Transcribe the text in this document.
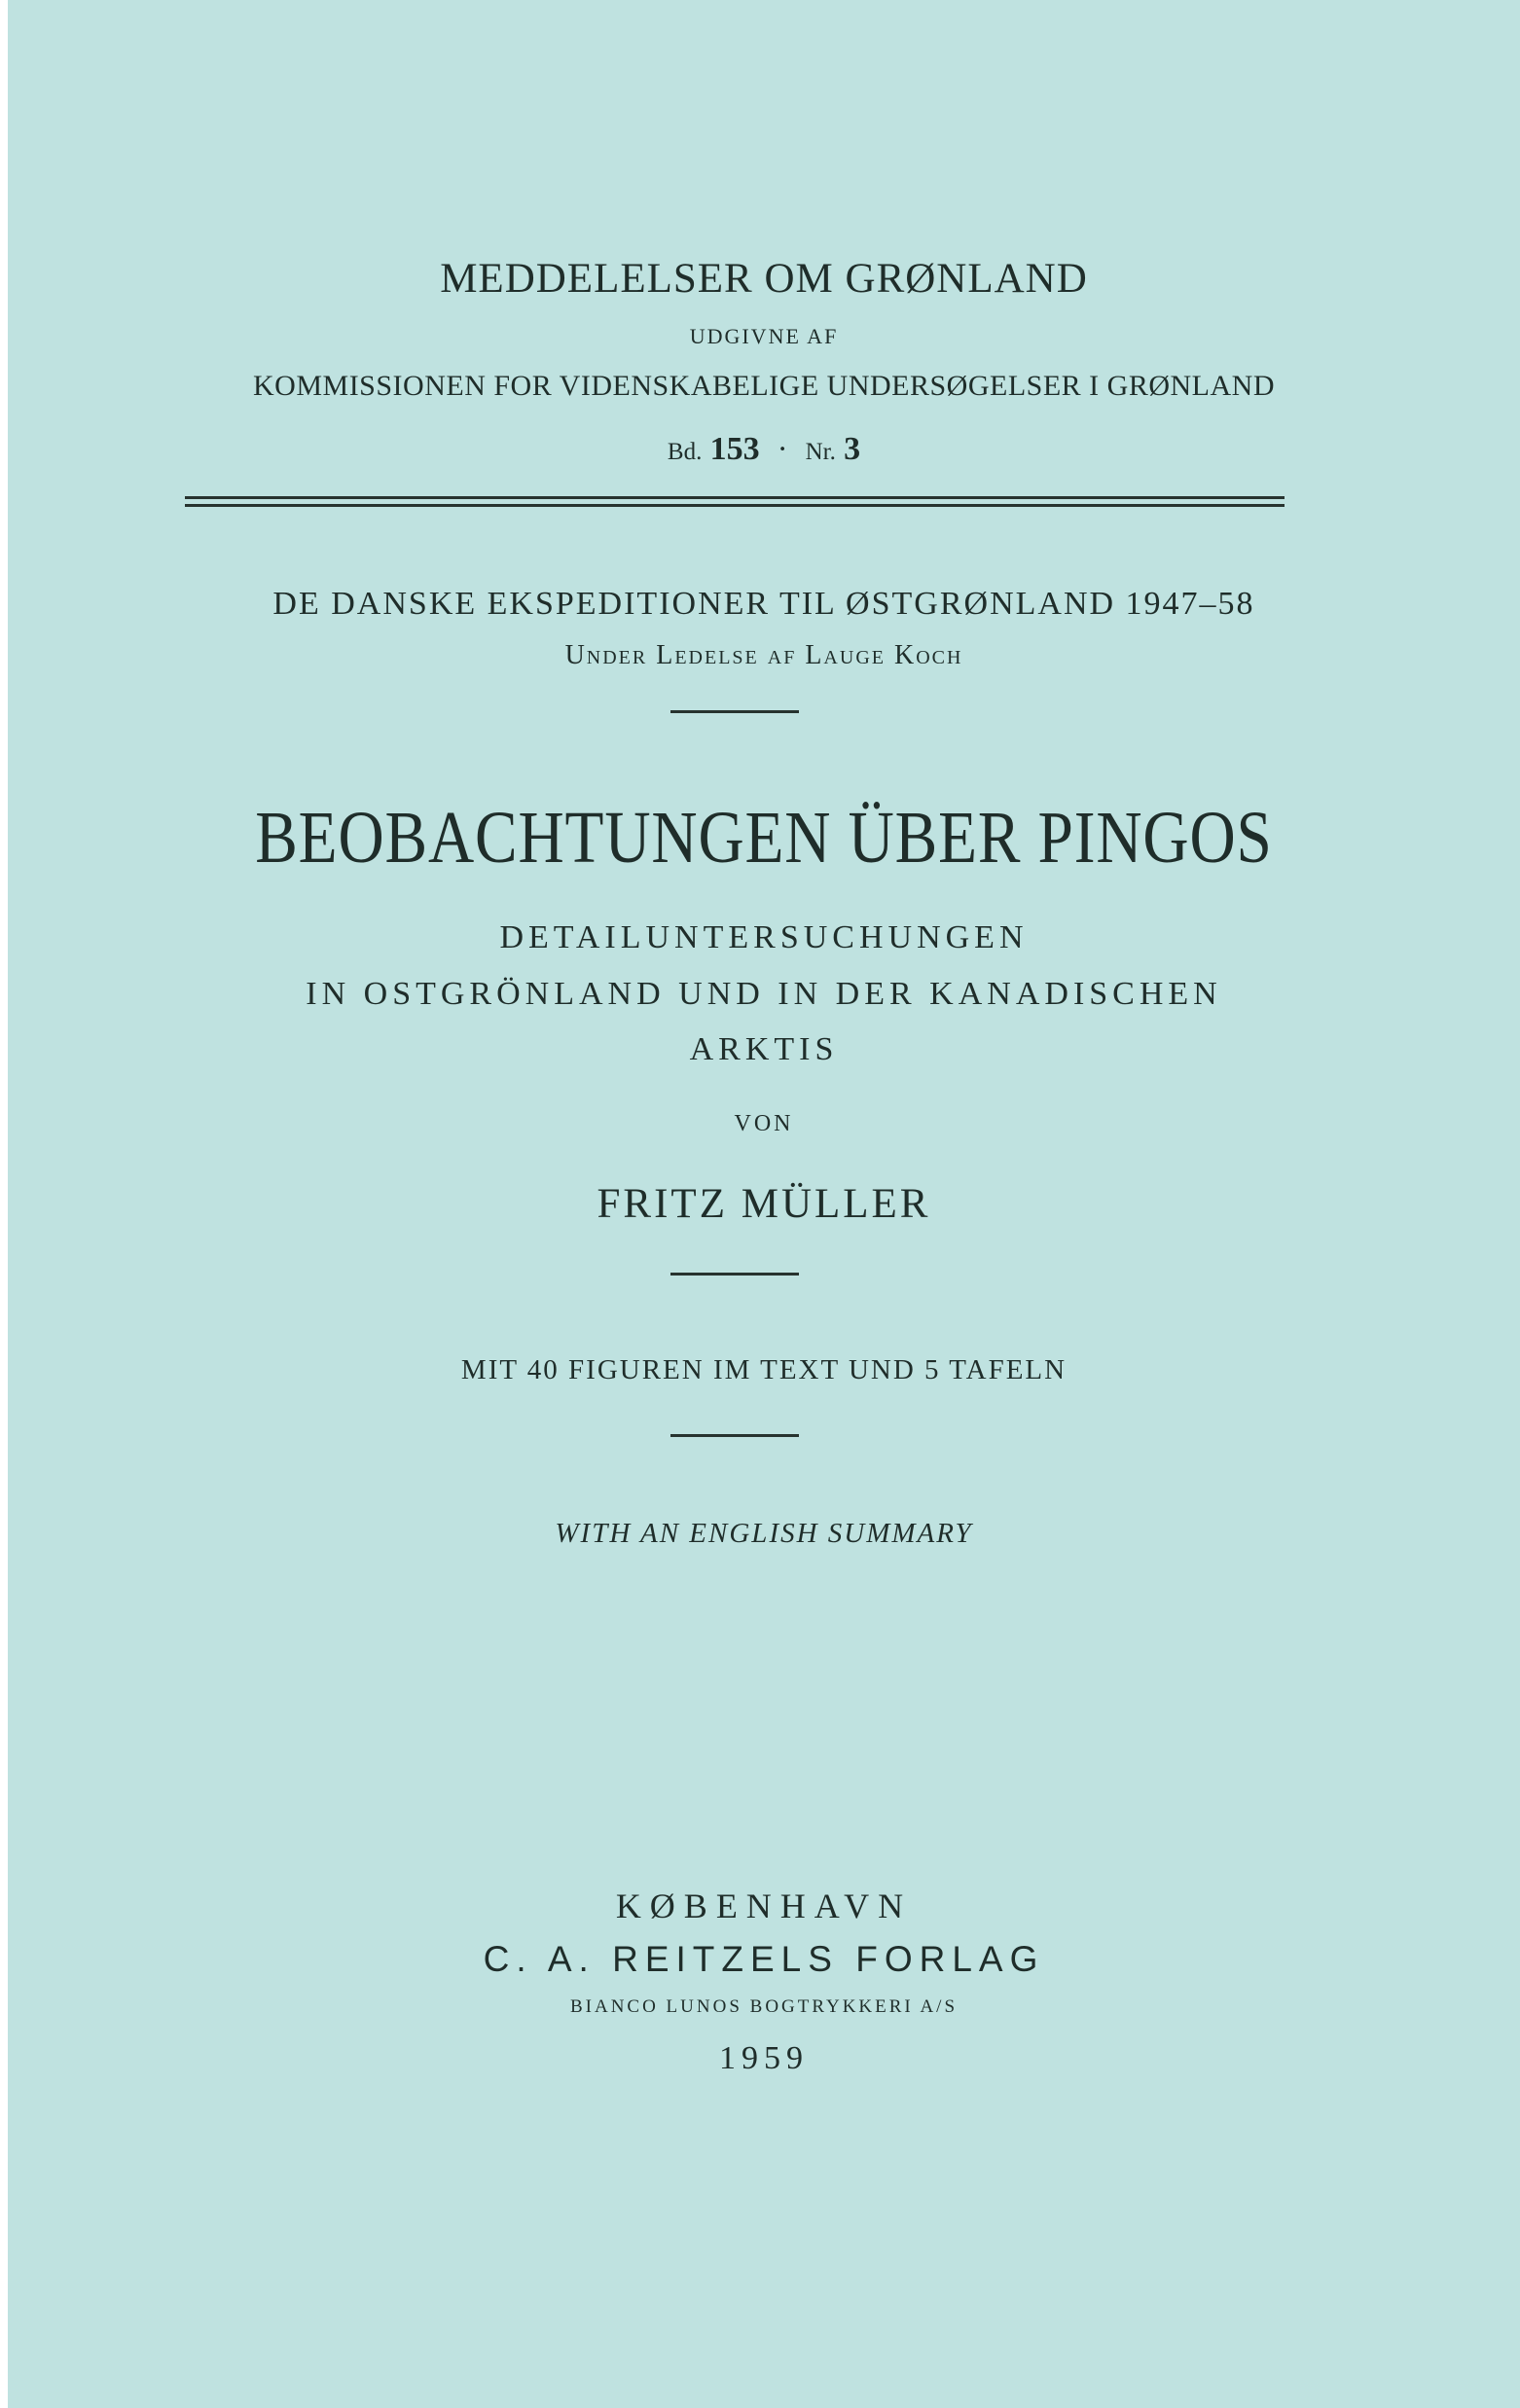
MEDDELELSER OM GRØNLAND
UDGIVNE AF
KOMMISSIONEN FOR VIDENSKABELIGE UNDERSØGELSER I GRØNLAND
Bd. 153 · Nr. 3
DE DANSKE EKSPEDITIONER TIL ØSTGRØNLAND 1947–58
Under Ledelse af Lauge Koch
BEOBACHTUNGEN ÜBER PINGOS
DETAILUNTERSUCHUNGEN
IN OSTGRÖNLAND UND IN DER KANADISCHEN
ARKTIS
VON
FRITZ MÜLLER
MIT 40 FIGUREN IM TEXT UND 5 TAFELN
WITH AN ENGLISH SUMMARY
KØBENHAVN
C. A. REITZELS FORLAG
BIANCO LUNOS BOGTRYKKERI A/S
1959
